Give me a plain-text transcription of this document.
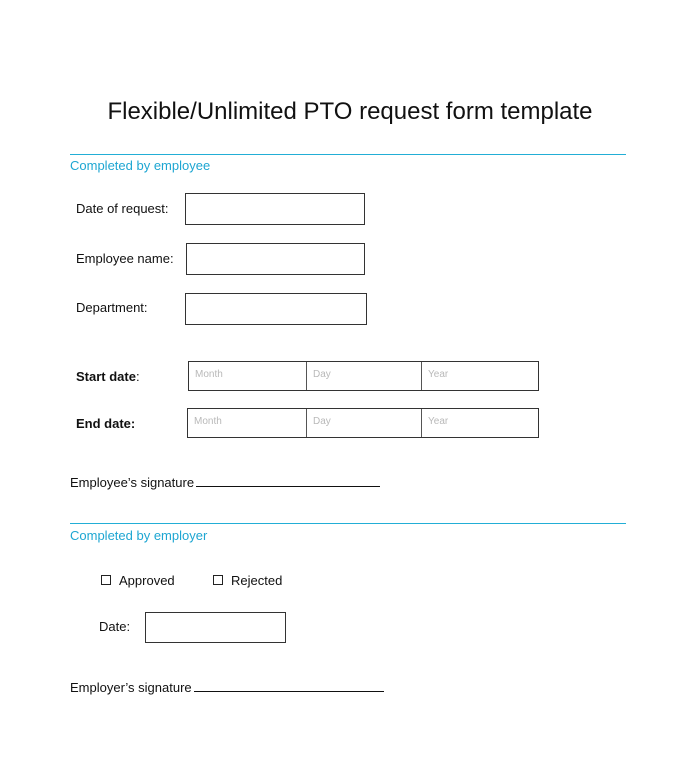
Flexible/Unlimited PTO request form template
Completed by employee
Date of request:
Employee name:
Department:
Start date:	Month	Day	Year
End date:	Month	Day	Year
Employee’s signature
Completed by employer
Approved	Rejected
Date:
Employer’s signature
